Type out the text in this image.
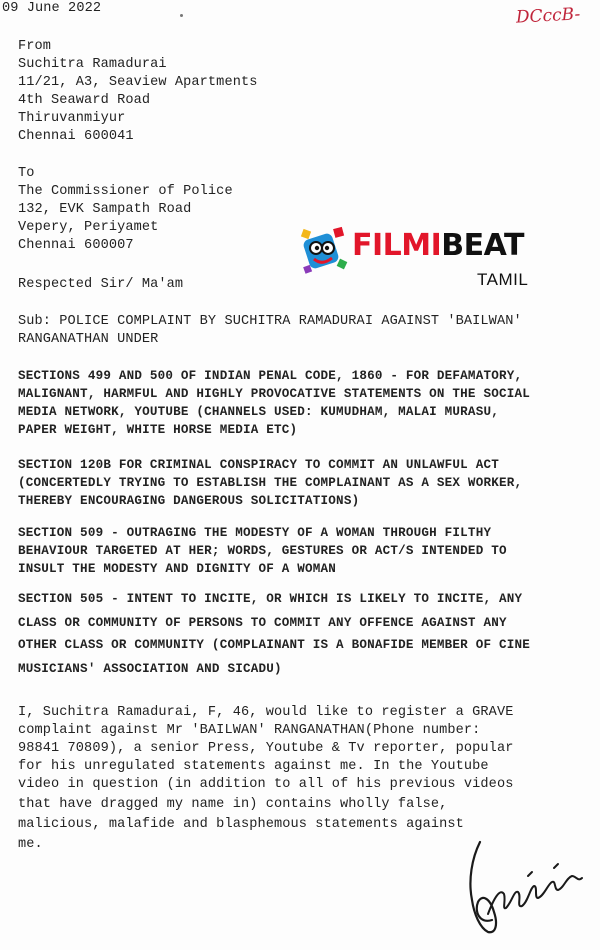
09 June 2022	DCccB-
From
Suchitra Ramadurai
11/21, A3, Seaview Apartments
4th Seaward Road
Thiruvanmiyur
Chennai 600041
To
The Commissioner of Police
132, EVK Sampath Road
Vepery, Periyamet
Chennai 600007	FILMIBEAT
TAMIL
Respected Sir/ Ma'am
Sub: POLICE COMPLAINT BY SUCHITRA RAMADURAI AGAINST 'BAILWAN'
RANGANATHAN UNDER
SECTIONS 499 AND 500 OF INDIAN PENAL CODE, 1860 - FOR DEFAMATORY,
MALIGNANT, HARMFUL AND HIGHLY PROVOCATIVE STATEMENTS ON THE SOCIAL
MEDIA NETWORK, YOUTUBE (CHANNELS USED: KUMUDHAM, MALAI MURASU,
PAPER WEIGHT, WHITE HORSE MEDIA ETC)
SECTION 120B FOR CRIMINAL CONSPIRACY TO COMMIT AN UNLAWFUL ACT
(CONCERTEDLY TRYING TO ESTABLISH THE COMPLAINANT AS A SEX WORKER,
THEREBY ENCOURAGING DANGEROUS SOLICITATIONS)
SECTION 509 - OUTRAGING THE MODESTY OF A WOMAN THROUGH FILTHY
BEHAVIOUR TARGETED AT HER; WORDS, GESTURES OR ACT/S INTENDED TO
INSULT THE MODESTY AND DIGNITY OF A WOMAN
SECTION 505 - INTENT TO INCITE, OR WHICH IS LIKELY TO INCITE, ANY
CLASS OR COMMUNITY OF PERSONS TO COMMIT ANY OFFENCE AGAINST ANY
OTHER CLASS OR COMMUNITY (COMPLAINANT IS A BONAFIDE MEMBER OF CINE
MUSICIANS' ASSOCIATION AND SICADU)
I, Suchitra Ramadurai, F, 46, would like to register a GRAVE
complaint against Mr 'BAILWAN' RANGANATHAN(Phone number:
98841 70809), a senior Press, Youtube & Tv reporter, popular
for his unregulated statements against me. In the Youtube
video in question (in addition to all of his previous videos
that have dragged my name in) contains wholly false,
malicious, malafide and blasphemous statements against
me.
